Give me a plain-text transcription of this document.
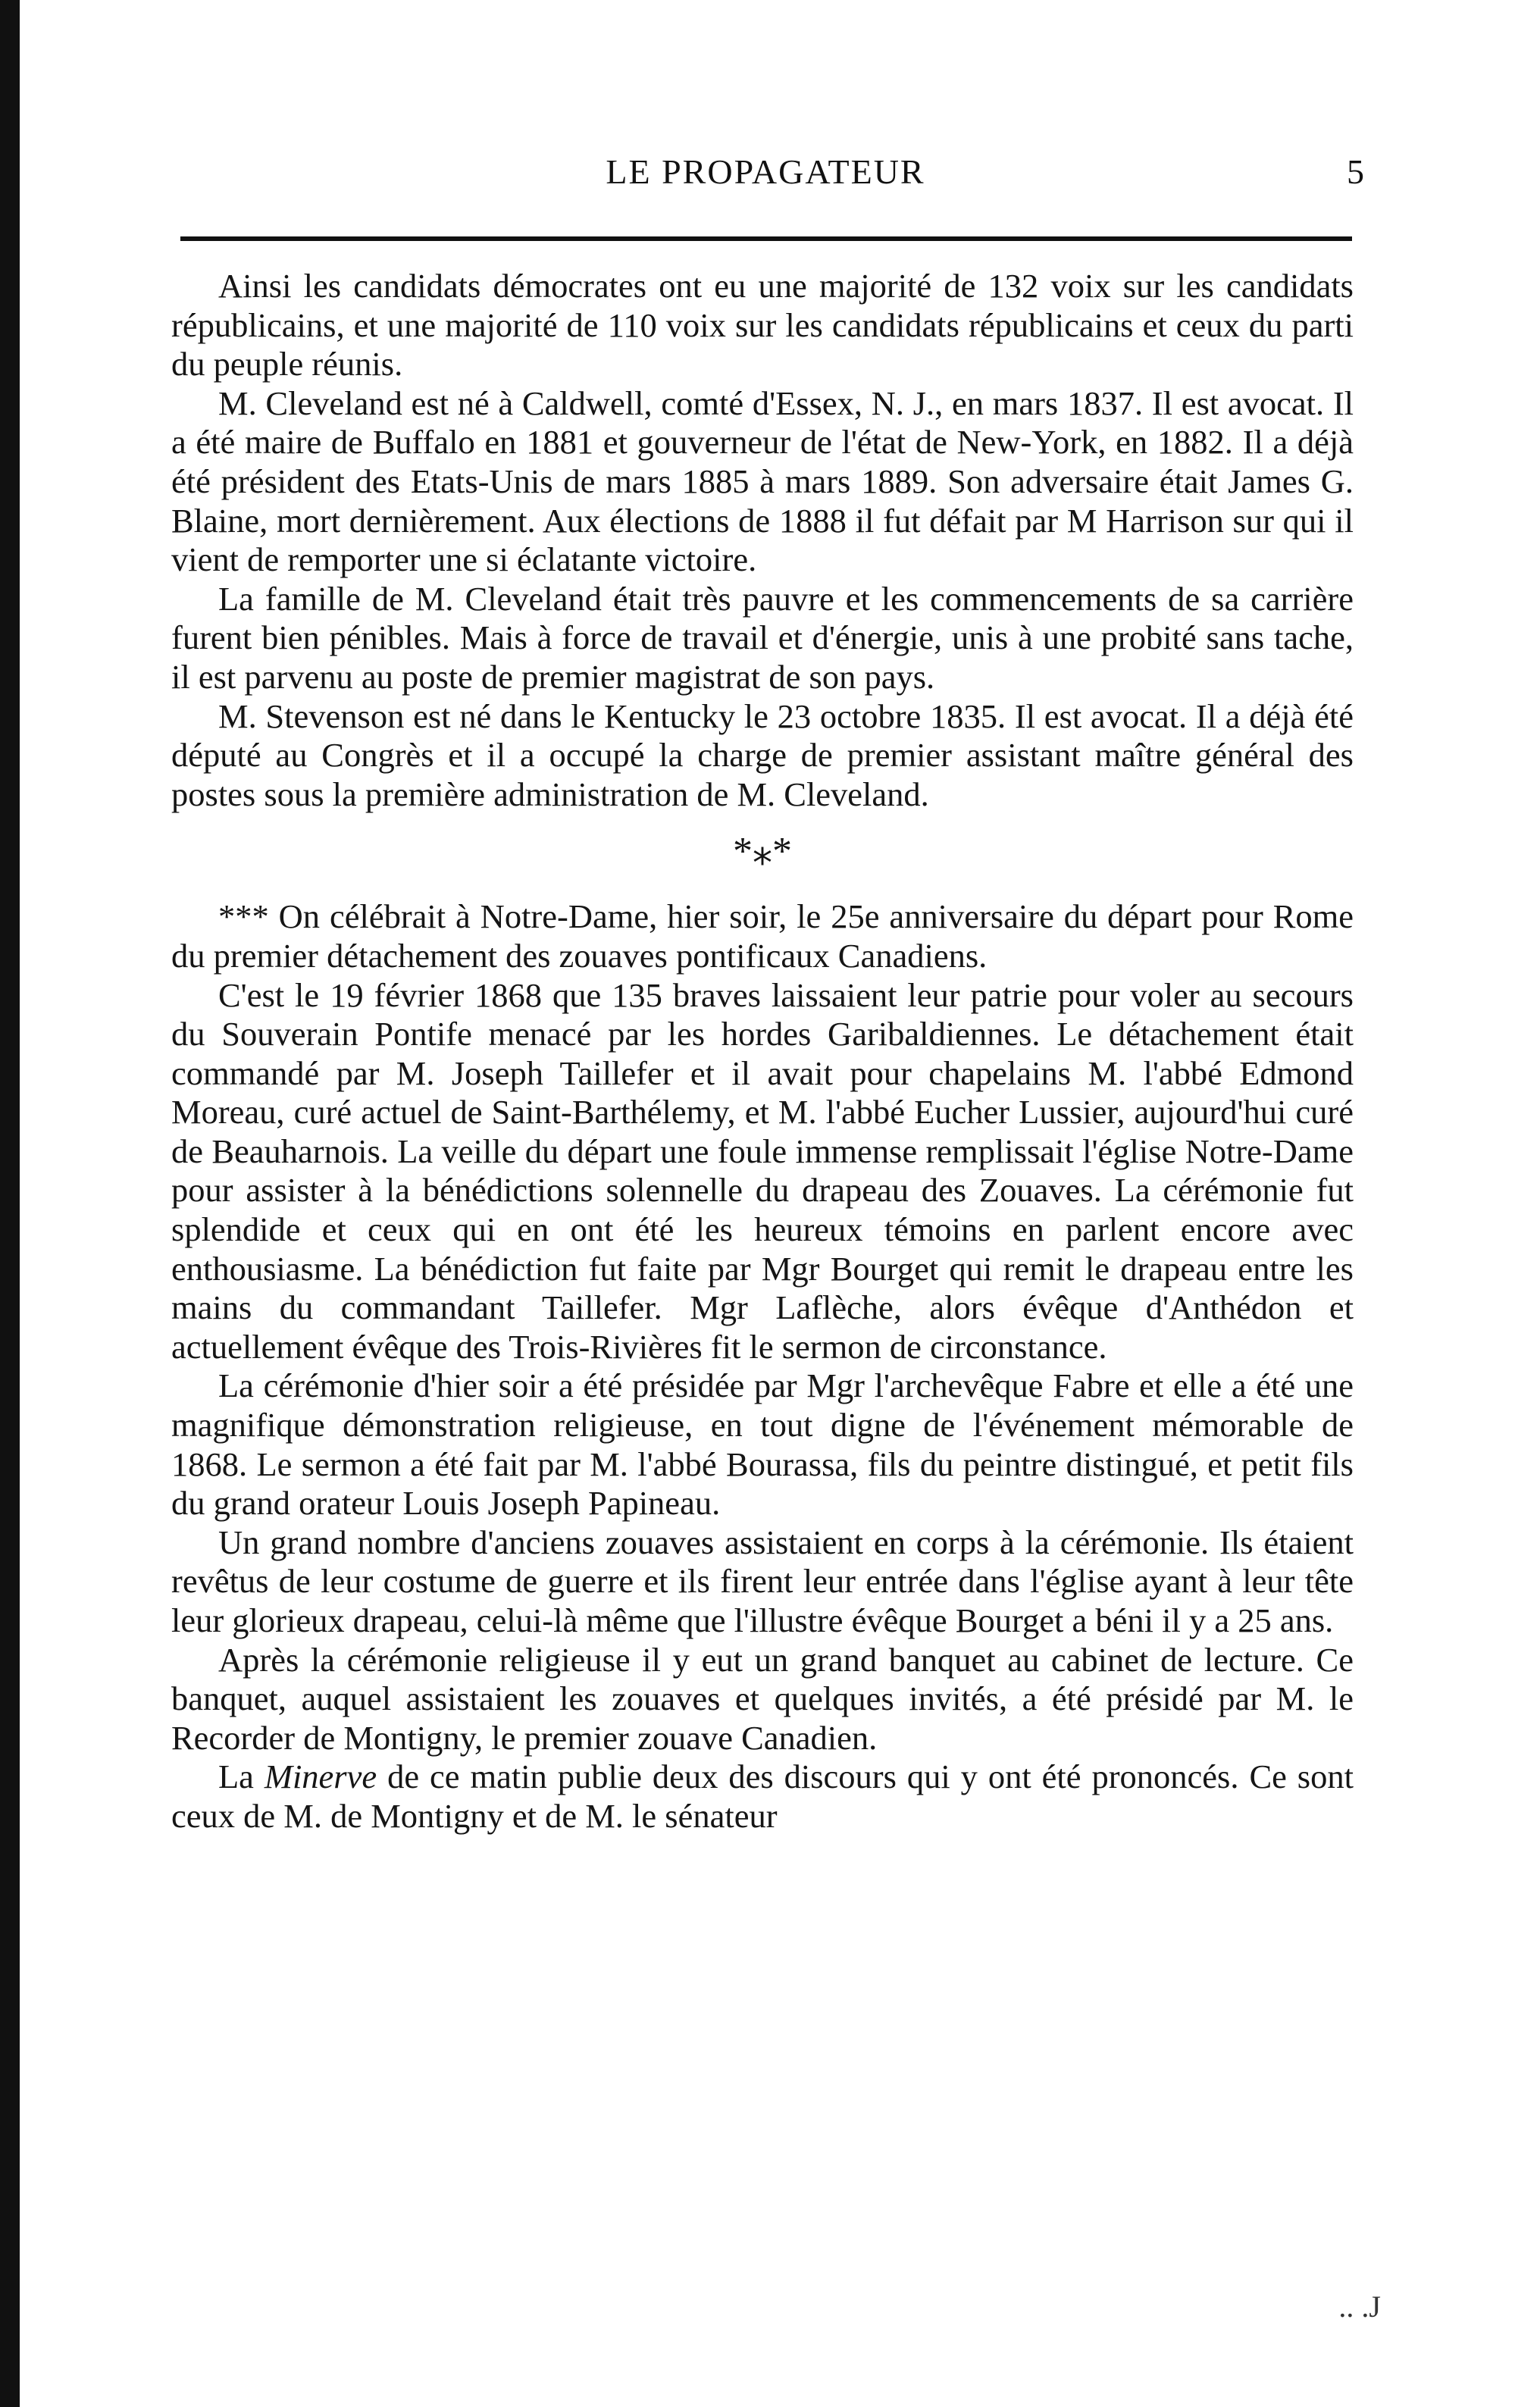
LE PROPAGATEUR	5

Ainsi les candidats démocrates ont eu une majorité de 132 voix sur les candidats républicains, et une majorité de 110 voix sur les candidats républicains et ceux du parti du peuple réunis.

M. Cleveland est né à Caldwell, comté d'Essex, N. J., en mars 1837. Il est avocat. Il a été maire de Buffalo en 1881 et gouverneur de l'état de New-York, en 1882. Il a déjà été président des Etats-Unis de mars 1885 à mars 1889. Son adversaire était James G. Blaine, mort dernièrement. Aux élections de 1888 il fut défait par M Harrison sur qui il vient de remporter une si éclatante victoire.

La famille de M. Cleveland était très pauvre et les commencements de sa carrière furent bien pénibles. Mais à force de travail et d'énergie, unis à une probité sans tache, il est parvenu au poste de premier magistrat de son pays.

M. Stevenson est né dans le Kentucky le 23 octobre 1835. Il est avocat. Il a déjà été député au Congrès et il a occupé la charge de premier assistant maître général des postes sous la première administration de M. Cleveland.

*⁎*

*** On célébrait à Notre-Dame, hier soir, le 25e anniversaire du départ pour Rome du premier détachement des zouaves pontificaux Canadiens.

C'est le 19 février 1868 que 135 braves laissaient leur patrie pour voler au secours du Souverain Pontife menacé par les hordes Garibaldiennes. Le détachement était commandé par M. Joseph Taillefer et il avait pour chapelains M. l'abbé Edmond Moreau, curé actuel de Saint-Barthélemy, et M. l'abbé Eucher Lussier, aujourd'hui curé de Beauharnois. La veille du départ une foule immense remplissait l'église Notre-Dame pour assister à la bénédictions solennelle du drapeau des Zouaves. La cérémonie fut splendide et ceux qui en ont été les heureux témoins en parlent encore avec enthousiasme. La bénédiction fut faite par Mgr Bourget qui remit le drapeau entre les mains du commandant Taillefer. Mgr Laflèche, alors évêque d'Anthédon et actuellement évêque des Trois-Rivières fit le sermon de circonstance.

La cérémonie d'hier soir a été présidée par Mgr l'archevêque Fabre et elle a été une magnifique démonstration religieuse, en tout digne de l'événement mémorable de 1868. Le sermon a été fait par M. l'abbé Bourassa, fils du peintre distingué, et petit fils du grand orateur Louis Joseph Papineau.

Un grand nombre d'anciens zouaves assistaient en corps à la cérémonie. Ils étaient revêtus de leur costume de guerre et ils firent leur entrée dans l'église ayant à leur tête leur glorieux drapeau, celui-là même que l'illustre évêque Bourget a béni il y a 25 ans.

Après la cérémonie religieuse il y eut un grand banquet au cabinet de lecture. Ce banquet, auquel assistaient les zouaves et quelques invités, a été présidé par M. le Recorder de Montigny, le premier zouave Canadien.

La Minerve de ce matin publie deux des discours qui y ont été prononcés. Ce sont ceux de M. de Montigny et de M. le sénateur

.. .J
